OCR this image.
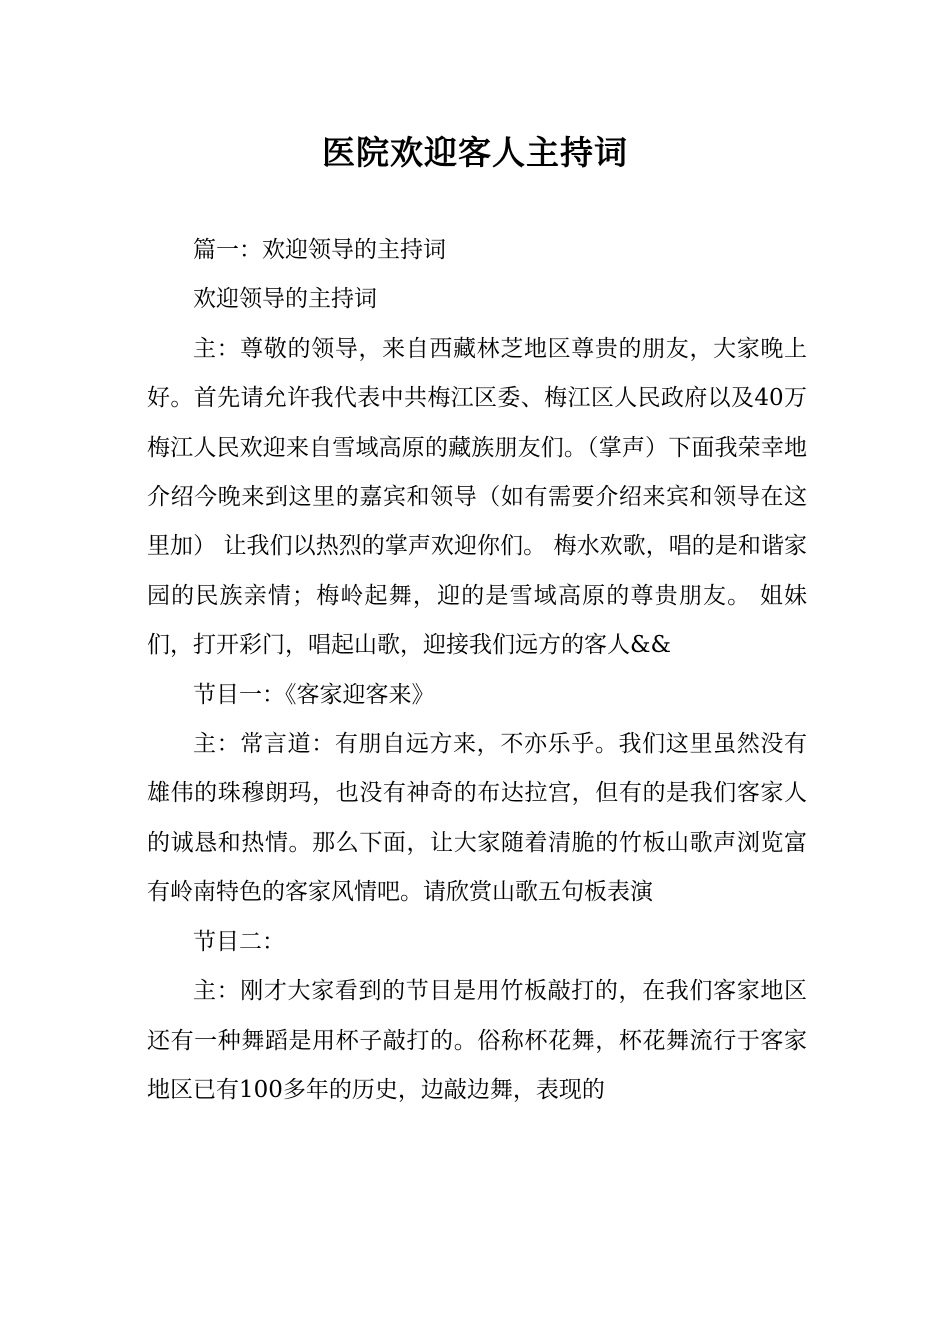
医院欢迎客人主持词

篇一：欢迎领导的主持词

欢迎领导的主持词

主：尊敬的领导，来自西藏林芝地区尊贵的朋友，大家晚上好。首先请允许我代表中共梅江区委、梅江区人民政府以及40万梅江人民欢迎来自雪域高原的藏族朋友们。（掌声）下面我荣幸地介绍今晚来到这里的嘉宾和领导（如有需要介绍来宾和领导在这里加） 让我们以热烈的掌声欢迎你们。 梅水欢歌，唱的是和谐家园的民族亲情；梅岭起舞，迎的是雪域高原的尊贵朋友。 姐妹们，打开彩门，唱起山歌，迎接我们远方的客人&&

节目一：《客家迎客来》

主：常言道：有朋自远方来，不亦乐乎。我们这里虽然没有雄伟的珠穆朗玛，也没有神奇的布达拉宫，但有的是我们客家人的诚恳和热情。那么下面，让大家随着清脆的竹板山歌声浏览富有岭南特色的客家风情吧。请欣赏山歌五句板表演

节目二：

主：刚才大家看到的节目是用竹板敲打的，在我们客家地区还有一种舞蹈是用杯子敲打的。俗称杯花舞，杯花舞流行于客家地区已有100多年的历史，边敲边舞，表现的
